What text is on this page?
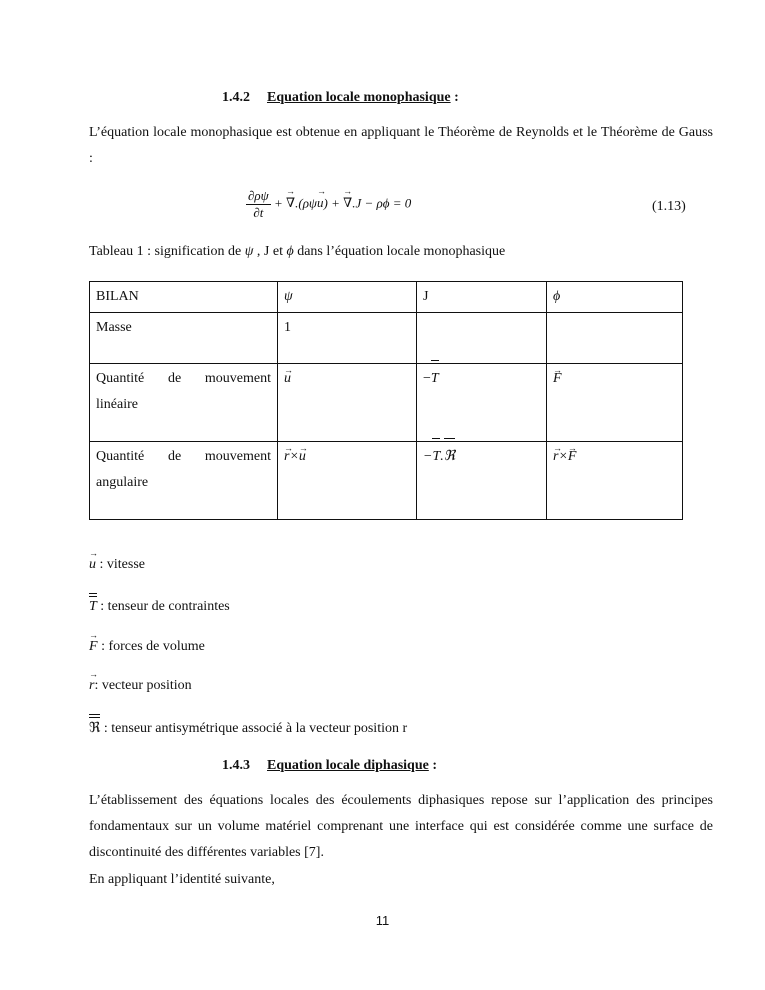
1.4.2 Equation locale monophasique :
L’équation locale monophasique est obtenue en appliquant le Théorème de Reynolds et le Théorème de Gauss :
$\frac{\partial\rho\psi}{\partial t}$ + → ∇.(ρψ→ u) + → ∇.J − ρϕ = 0	(1.13)
Tableau 1 : signification de ψ , J et ϕ dans l’équation locale monophasique
BILAN	ψ	J	ϕ
Masse	1		
Quantité de mouvement linéaire	→ u	−T	→ F
Quantité de mouvement angulaire	→ r×→ u	−T.ℜ	→ r×→ F
→ u : vitesse
T : tenseur de contraintes
→ F : forces de volume
→ r: vecteur position
ℜ : tenseur antisymétrique associé à la vecteur position r
1.4.3 Equation locale diphasique :
L’établissement des équations locales des écoulements diphasiques repose sur l’application des principes fondamentaux sur un volume matériel comprenant une interface qui est considérée comme une surface de discontinuité des différentes variables [7].
En appliquant l’identité suivante,
11
